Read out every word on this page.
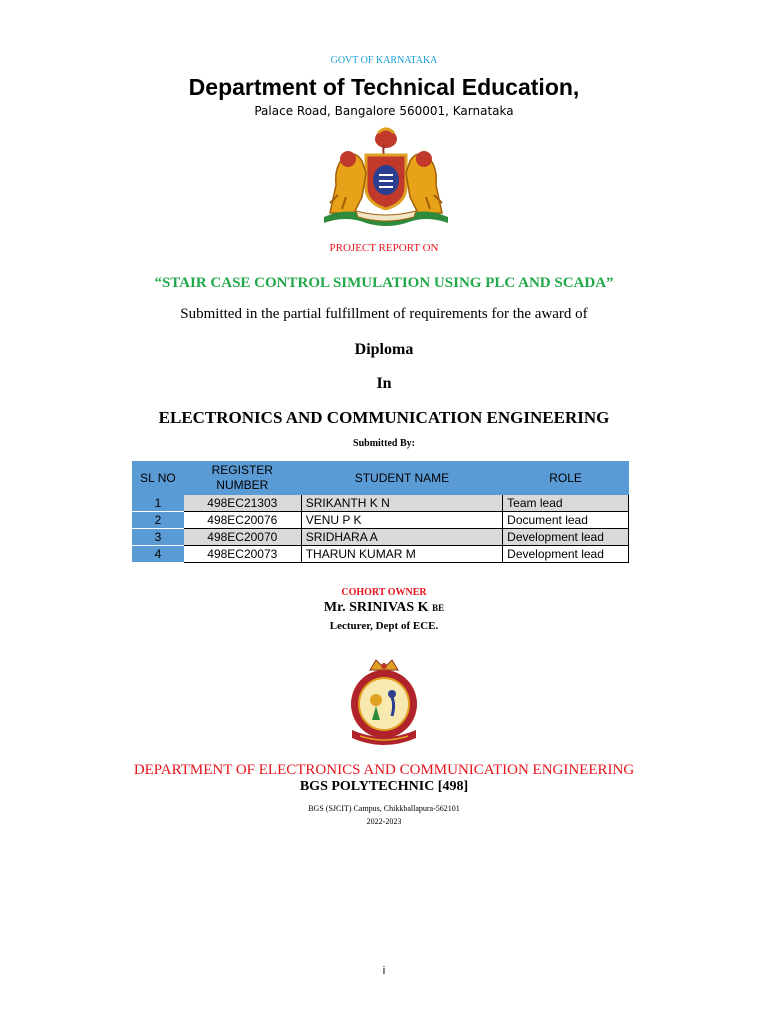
GOVT OF KARNATAKA
Department of Technical Education,
Palace Road, Bangalore 560001, Karnataka
PROJECT REPORT ON
“STAIR CASE CONTROL SIMULATION USING PLC AND SCADA”
Submitted in the partial fulfillment of requirements for the award of
Diploma
In
ELECTRONICS AND COMMUNICATION ENGINEERING
Submitted By:
SL NO	REGISTER NUMBER	STUDENT NAME	ROLE
1	498EC21303	SRIKANTH K N	Team lead
2	498EC20076	VENU P K	Document lead
3	498EC20070	SRIDHARA A	Development lead
4	498EC20073	THARUN KUMAR M	Development lead
COHORT OWNER
Mr. SRINIVAS K BE
Lecturer, Dept of ECE.
DEPARTMENT OF ELECTRONICS AND COMMUNICATION ENGINEERING
BGS POLYTECHNIC [498]
BGS (SJCIT) Campus, Chikkballapura-562101
2022-2023
i
